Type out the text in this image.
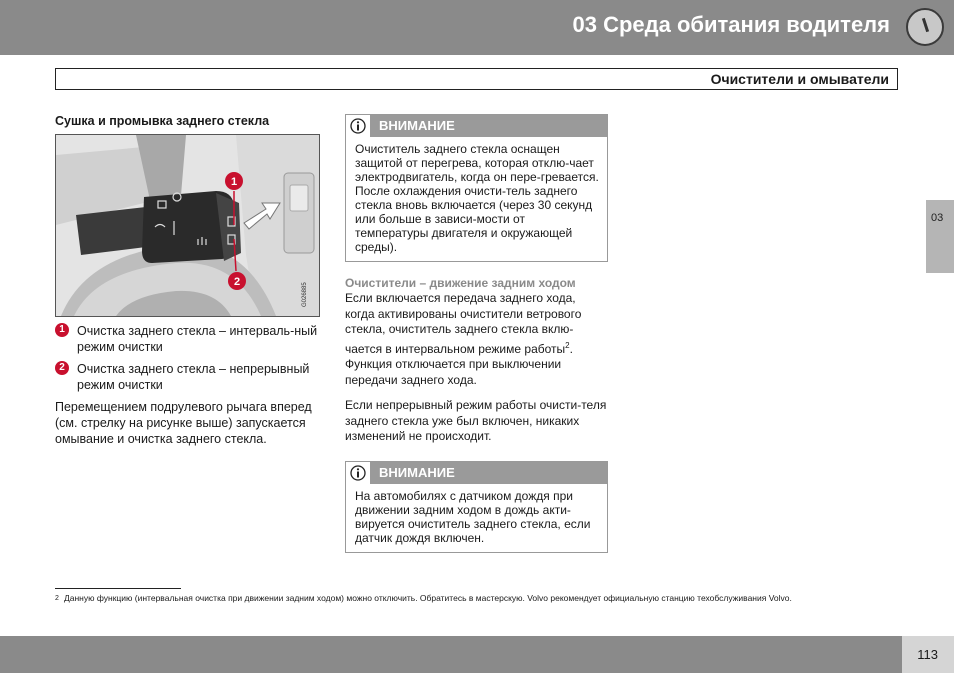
03 Среда обитания водителя
Очистители и омыватели
03
Сушка и промывка заднего стекла
1
2
G026885
1 Очистка заднего стекла – интерваль-ный режим очистки
2 Очистка заднего стекла – непрерывный режим очистки

Перемещением подрулевого рычага вперед (см. стрелку на рисунке выше) запускается омывание и очистка заднего стекла.

ВНИМАНИЕ
Очиститель заднего стекла оснащен защитой от перегрева, которая отклю-чает электродвигатель, когда он пере-гревается. После охлаждения очисти-тель заднего стекла вновь включается (через 30 секунд или больше в зависи-мости от температуры двигателя и окружающей среды).
Очистители – движение задним ходом

Если включается передача заднего хода, когда активированы очистители ветрового стекла, очиститель заднего стекла вклю-чается в интервальном режиме работы$^2$. Функция отключается при выключении передачи заднего хода.

Если непрерывный режим работы очисти-теля заднего стекла уже был включен, никаких изменений не происходит.

ВНИМАНИЕ
На автомобилях с датчиком дождя при движении задним ходом в дождь акти-вируется очиститель заднего стекла, если датчик дождя включен.
2 Данную функцию (интервальная очистка при движении задним ходом) можно отключить. Обратитесь в мастерскую. Volvo рекомендует официальную станцию техобслуживания Volvo.
113
